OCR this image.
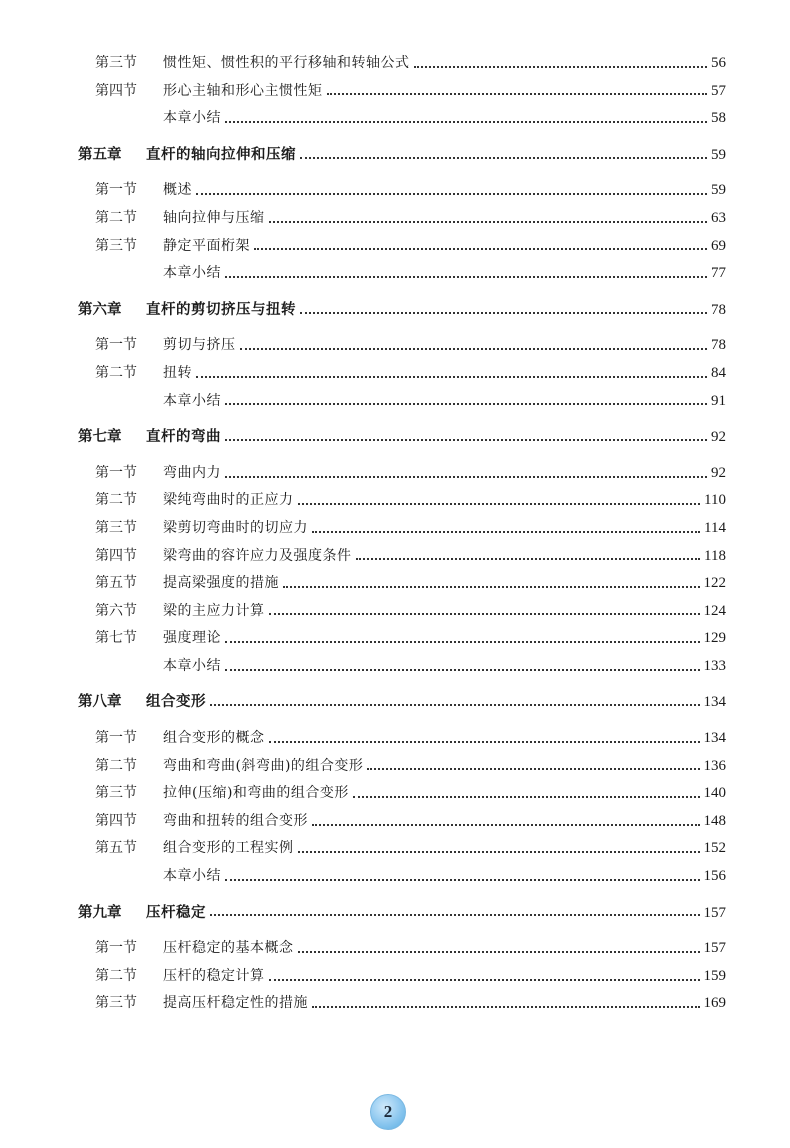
第三节	惯性矩、惯性积的平行移轴和转轴公式	56
第四节	形心主轴和形心主惯性矩	57
本章小结	58
第五章	直杆的轴向拉伸和压缩	59
第一节	概述	59
第二节	轴向拉伸与压缩	63
第三节	静定平面桁架	69
本章小结	77
第六章	直杆的剪切挤压与扭转	78
第一节	剪切与挤压	78
第二节	扭转	84
本章小结	91
第七章	直杆的弯曲	92
第一节	弯曲内力	92
第二节	梁纯弯曲时的正应力	110
第三节	梁剪切弯曲时的切应力	114
第四节	梁弯曲的容许应力及强度条件	118
第五节	提高梁强度的措施	122
第六节	梁的主应力计算	124
第七节	强度理论	129
本章小结	133
第八章	组合变形	134
第一节	组合变形的概念	134
第二节	弯曲和弯曲(斜弯曲)的组合变形	136
第三节	拉伸(压缩)和弯曲的组合变形	140
第四节	弯曲和扭转的组合变形	148
第五节	组合变形的工程实例	152
本章小结	156
第九章	压杆稳定	157
第一节	压杆稳定的基本概念	157
第二节	压杆的稳定计算	159
第三节	提高压杆稳定性的措施	169
2
